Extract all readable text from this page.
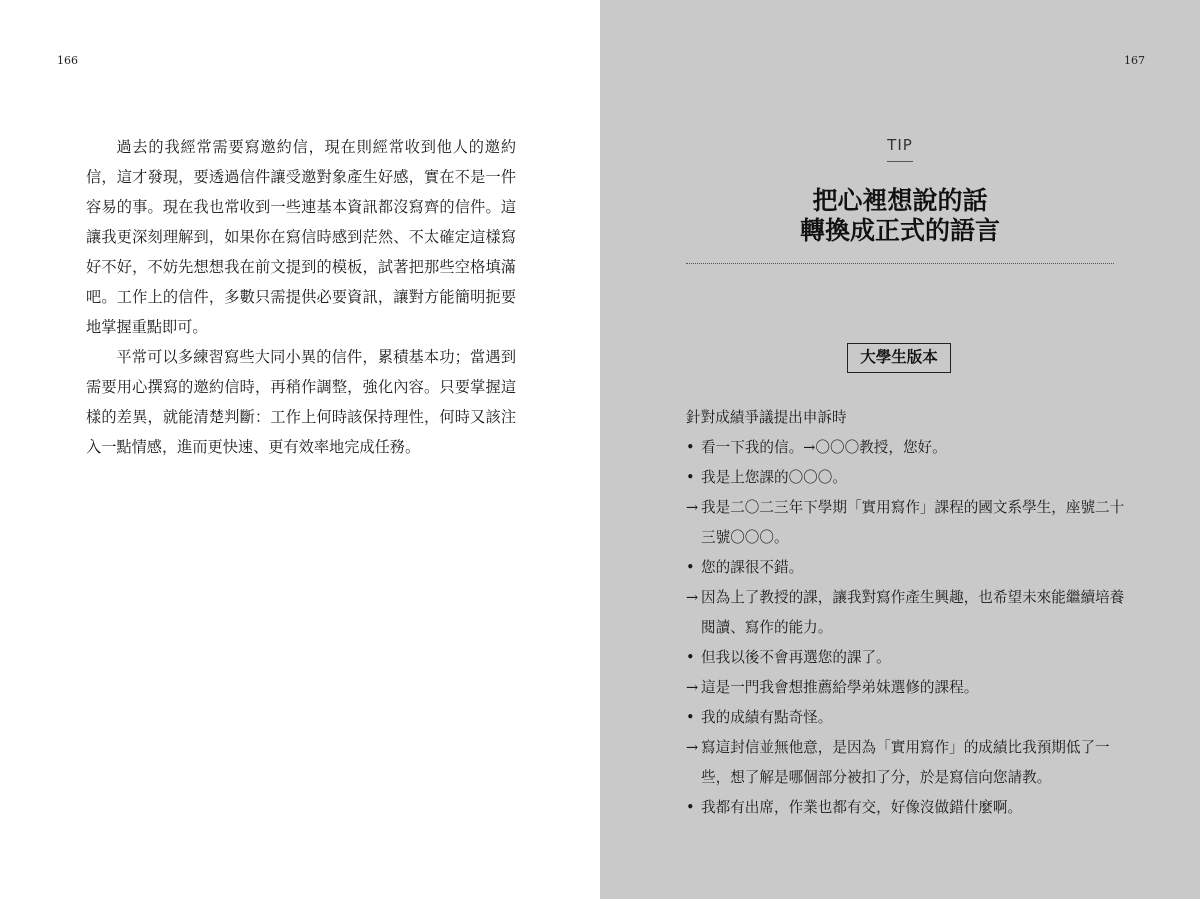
166

過去的我經常需要寫邀約信，現在則經常收到他人的邀約信，這才發現，要透過信件讓受邀對象產生好感，實在不是一件容易的事。現在我也常收到一些連基本資訊都沒寫齊的信件。這讓我更深刻理解到，如果你在寫信時感到茫然、不太確定這樣寫好不好，不妨先想想我在前文提到的模板，試著把那些空格填滿吧。工作上的信件，多數只需提供必要資訊，讓對方能簡明扼要地掌握重點即可。

平常可以多練習寫些大同小異的信件，累積基本功；當遇到需要用心撰寫的邀約信時，再稍作調整，強化內容。只要掌握這樣的差異，就能清楚判斷：工作上何時該保持理性，何時又該注入一點情感，進而更快速、更有效率地完成任務。

167
TIP
把心裡想說的話
轉換成正式的語言
大學生版本

針對成績爭議提出申訴時

• 看一下我的信。→〇〇〇教授，您好。
• 我是上您課的〇〇〇。
→ 我是二〇二三年下學期「實用寫作」課程的國文系學生，座號二十三號〇〇〇。
• 您的課很不錯。
→ 因為上了教授的課，讓我對寫作產生興趣，也希望未來能繼續培養閱讀、寫作的能力。
• 但我以後不會再選您的課了。
→ 這是一門我會想推薦給學弟妹選修的課程。
• 我的成績有點奇怪。
→ 寫這封信並無他意，是因為「實用寫作」的成績比我預期低了一些，想了解是哪個部分被扣了分，於是寫信向您請教。
• 我都有出席，作業也都有交，好像沒做錯什麼啊。
